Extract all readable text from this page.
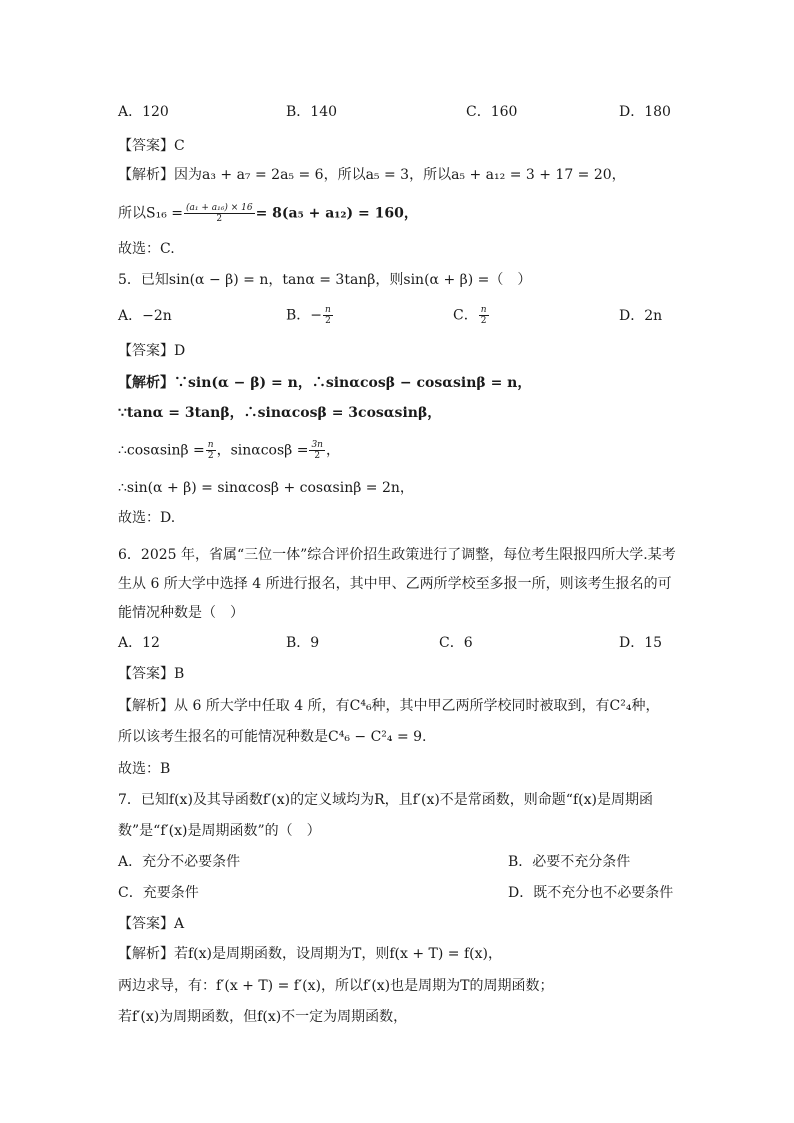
A．120	B．140	C．160	D．180
【答案】C
【解析】因为a₃ + a₇ = 2a₅ = 6，所以a₅ = 3，所以a₅ + a₁₂ = 3 + 17 = 20，
所以$S_{16} = \frac{\text{(a₁ + a₁₆) × 16}}{2} = 8(a_5 + a_{12}) = 160$，
故选：C.
5．已知sin(α − β) = n，tanα = 3tanβ，则sin(α + β) =（　）
A．−2n	B．− $\frac{n}{2}$	C． $\frac{n}{2}$	D．2n
【答案】D
【解析】∵sin(α − β) = n，∴sinαcosβ − cosαsinβ = n，
∵tanα = 3tanβ，∴sinαcosβ = 3cosαsinβ，
∴cosαsinβ = $\frac{n}{2}$ ，$\sin\alpha\cos\beta = \frac{3n}{2}$ ，
∴sin(α + β) = sinαcosβ + cosαsinβ = 2n，
故选：D.
6．2025 年，省属“三位一体”综合评价招生政策进行了调整，每位考生限报四所大学.某考
生从 6 所大学中选择 4 所进行报名，其中甲、乙两所学校至多报一所，则该考生报名的可
能情况种数是（　）
A．12	B．9	C．6	D．15
【答案】B
【解析】从 6 所大学中任取 4 所，有C⁴₆种，其中甲乙两所学校同时被取到，有C²₄种，
所以该考生报名的可能情况种数是C⁴₆ − C²₄ = 9.
故选：B
7．已知f(x)及其导函数f′(x)的定义域均为R，且f′(x)不是常函数，则命题“f(x)是周期函
数”是“f′(x)是周期函数”的（　）
A．充分不必要条件	B．必要不充分条件
C．充要条件	D．既不充分也不必要条件
【答案】A
【解析】若f(x)是周期函数，设周期为T，则f(x + T) = f(x)，
两边求导，有：f′(x + T) = f′(x)，所以f′(x)也是周期为T的周期函数；
若f′(x)为周期函数，但f(x)不一定为周期函数，
